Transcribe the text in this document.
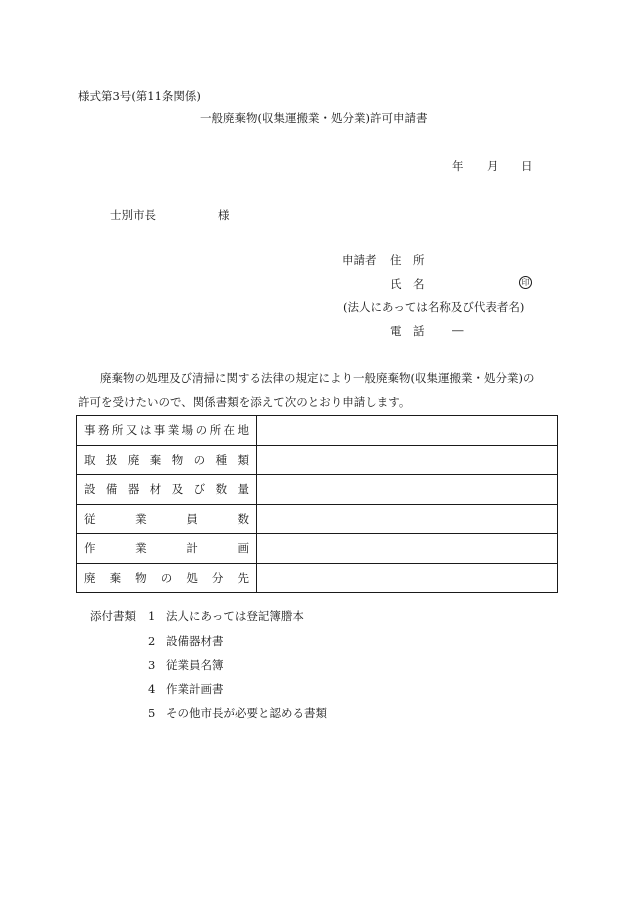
様式第3号(第11条関係)
一般廃棄物(収集運搬業・処分業)許可申請書
年 月 日
士別市長	様
申請者 住　所
氏　名	印
(法人にあっては名称及び代表者名)
電　話 ―
廃棄物の処理及び清掃に関する法律の規定により一般廃棄物(収集運搬業・処分業)の
許可を受けたいので、関係書類を添えて次のとおり申請します。
事務所又は事業場の所在地	

取扱廃棄物の種類	

設備器材及び数量	

従業員数	

作業計画	

廃棄物の処分先	

添付書類 1 法人にあっては登記簿謄本
2 設備器材書
3 従業員名簿
4 作業計画書
5 その他市長が必要と認める書類
